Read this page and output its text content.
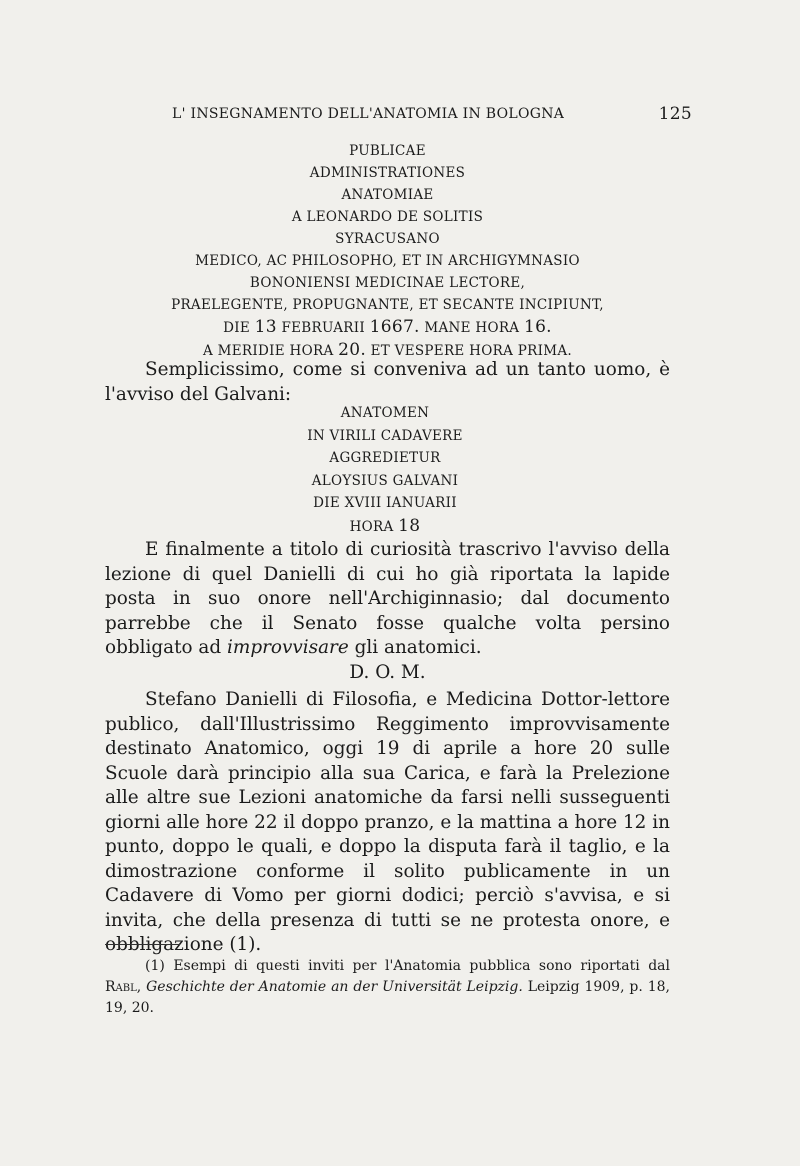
L' INSEGNAMENTO DELL'ANATOMIA IN BOLOGNA	125
PUBLICAE
ADMINISTRATIONES
ANATOMIAE
A LEONARDO DE SOLITIS
SYRACUSANO
MEDICO, AC PHILOSOPHO, ET IN ARCHIGYMNASIO
BONONIENSI MEDICINAE LECTORE,
PRAELEGENTE, PROPUGNANTE, ET SECANTE INCIPIUNT,
DIE 13 FEBRUARII 1667. MANE HORA 16.
A MERIDIE HORA 20. ET VESPERE HORA PRIMA.

Semplicissimo, come si conveniva ad un tanto uomo, è l'avviso del Galvani:

ANATOMEN
IN VIRILI CADAVERE
AGGREDIETUR
ALOYSIUS GALVANI
DIE XVIII IANUARII
HORA 18

E finalmente a titolo di curiosità trascrivo l'avviso della lezione di quel Danielli di cui ho già riportata la lapide posta in suo onore nell'Archiginnasio; dal documento parrebbe che il Senato fosse qualche volta persino obbligato ad improvvisare gli anatomici.

D. O. M.

Stefano Danielli di Filosofia, e Medicina Dottor-lettore publico, dall'Illustrissimo Reggimento improvvisamente destinato Anatomico, oggi 19 di aprile a hore 20 sulle Scuole darà principio alla sua Carica, e farà la Prelezione alle altre sue Lezioni anatomiche da farsi nelli susseguenti giorni alle hore 22 il doppo pranzo, e la mattina a hore 12 in punto, doppo le quali, e doppo la disputa farà il taglio, e la dimostrazione conforme il solito publicamente in un Cadavere di Vomo per giorni dodici; perciò s'avvisa, e si invita, che della presenza di tutti se ne protesta onore, e obbligazione (1).

(1) Esempi di questi inviti per l'Anatomia pubblica sono riportati dal Rabl, Geschichte der Anatomie an der Universität Leipzig. Leipzig 1909, p. 18, 19, 20.
